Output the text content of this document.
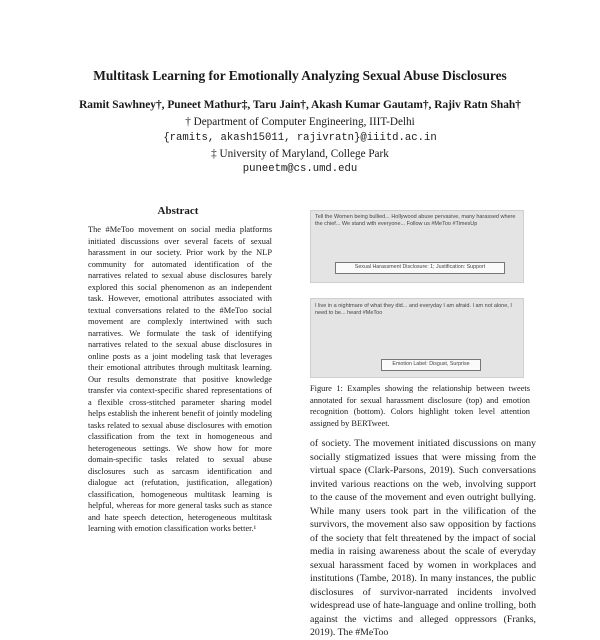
Multitask Learning for Emotionally Analyzing Sexual Abuse Disclosures
Ramit Sawhney†, Puneet Mathur‡, Taru Jain†, Akash Kumar Gautam†, Rajiv Ratn Shah†
† Department of Computer Engineering, IIIT-Delhi
{ramits, akash15011, rajivratn}@iiitd.ac.in
‡ University of Maryland, College Park
puneetm@cs.umd.edu
Abstract
The #MeToo movement on social media platforms initiated discussions over several facets of sexual harassment in our society. Prior work by the NLP community for automated identification of the narratives related to sexual abuse disclosures barely explored this social phenomenon as an independent task. However, emotional attributes associated with textual conversations related to the #MeToo social movement are complexly intertwined with such narratives. We formulate the task of identifying narratives related to the sexual abuse disclosures in online posts as a joint modeling task that leverages their emotional attributes through multitask learning. Our results demonstrate that positive knowledge transfer via context-specific shared representations of a flexible cross-stitched parameter sharing model helps establish the inherent benefit of jointly modeling tasks related to sexual abuse disclosures with emotion classification from the text in homogeneous and heterogeneous settings. We show how for more domain-specific tasks related to sexual abuse disclosures such as sarcasm identification and dialogue act (refutation, justification, allegation) classification, homogeneous multitask learning is helpful, whereas for more general tasks such as stance and hate speech detection, heterogeneous multitask learning with emotion classification works better.¹
Tell the Women being bullied... Hollywood abuse pervasive, many harassed where the chief... We stand with everyone... Follow us #MeToo #TimesUp
Sexual Harassment Disclosure: 1; Justification: Support
I live in a nightmare of what they did... and everyday I am afraid. I am not alone, I need to be... heard #MeToo
Emotion Label: Disgust, Surprise
Figure 1: Examples showing the relationship between tweets annotated for sexual harassment disclosure (top) and emotion recognition (bottom). Colors highlight token level attention assigned by BERTweet.
of society. The movement initiated discussions on many socially stigmatized issues that were missing from the virtual space (Clark-Parsons, 2019). Such conversations invited various reactions on the web, involving support to the cause of the movement and even outright bullying. While many users took part in the vilification of the survivors, the movement also saw opposition by factions of the society that felt threatened by the impact of social media in raising awareness about the scale of everyday sexual harassment faced by women in workplaces and institutions (Tambe, 2018). In many instances, the public disclosures of survivor-narrated incidents involved widespread use of hate-language and online trolling, both against the victims and alleged oppressors (Franks, 2019). The #MeToo
